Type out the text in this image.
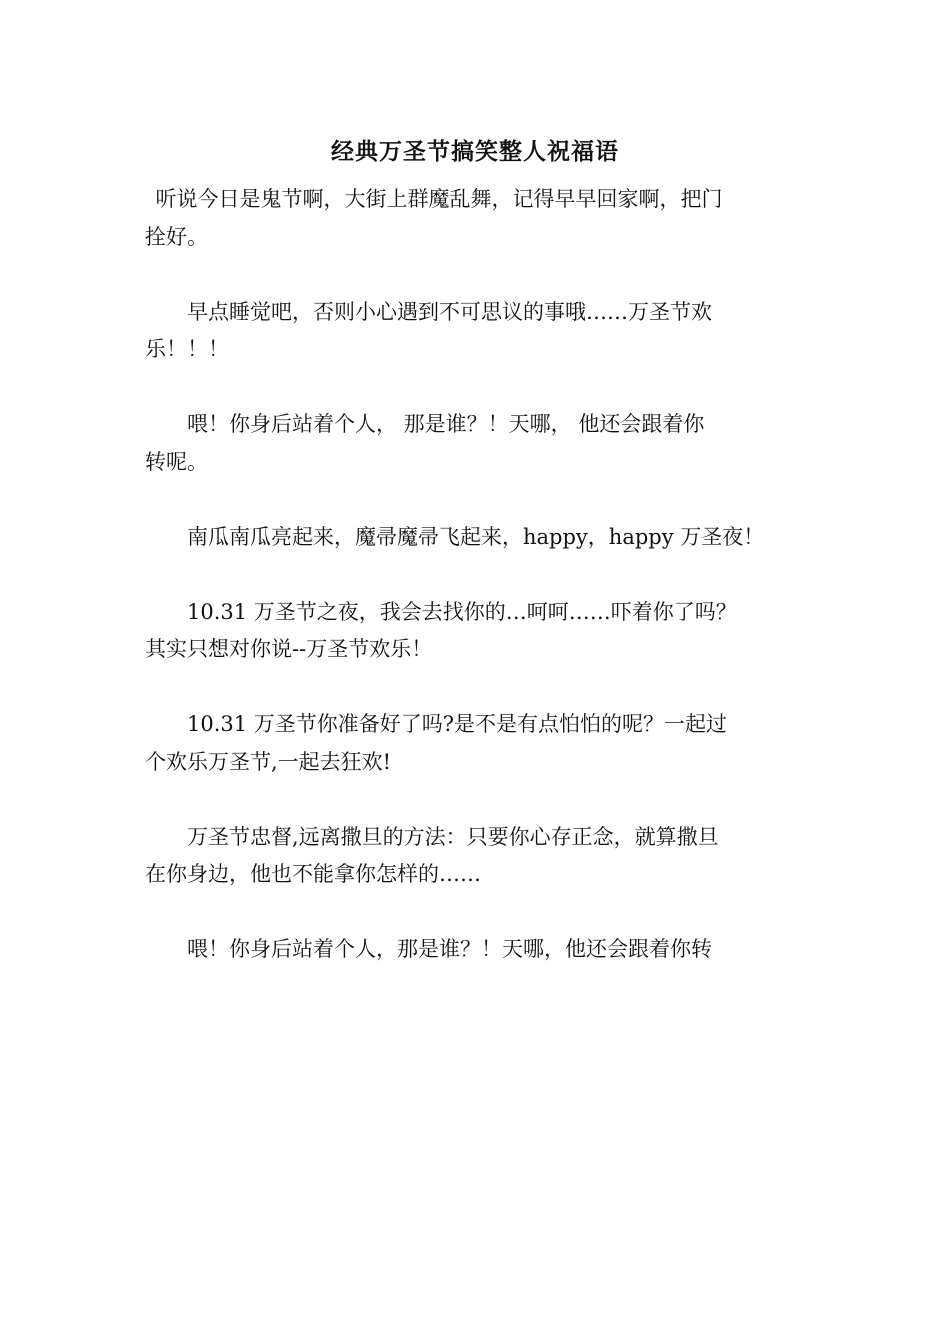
经典万圣节搞笑整人祝福语

听说今日是鬼节啊，大街上群魔乱舞，记得早早回家啊，把门
拴好。

早点睡觉吧，否则小心遇到不可思议的事哦……万圣节欢
乐！！！

喂！你身后站着个人， 那是谁？！天哪， 他还会跟着你
转呢。

南瓜南瓜亮起来，魔帚魔帚飞起来，happy，happy 万圣夜！

10.31 万圣节之夜，我会去找你的…呵呵……吓着你了吗？
其实只想对你说--万圣节欢乐！

10.31 万圣节你准备好了吗?是不是有点怕怕的呢？一起过
个欢乐万圣节,一起去狂欢!

万圣节忠督,远离撒旦的方法：只要你心存正念，就算撒旦
在你身边，他也不能拿你怎样的……

喂！你身后站着个人，那是谁？！天哪，他还会跟着你转
